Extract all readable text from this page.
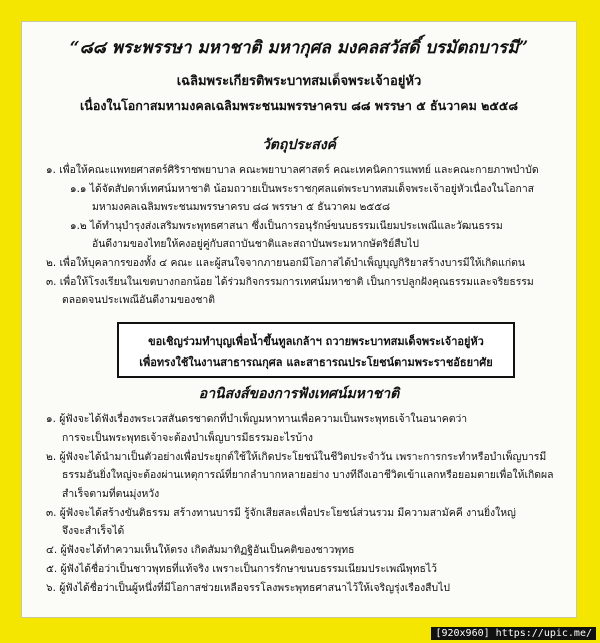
“๘๘ พระพรรษา มหาชาติ มหากุศล มงคลสวัสดิ์ บรมัตถบารมี”
เฉลิมพระเกียรติพระบาทสมเด็จพระเจ้าอยู่หัว
เนื่องในโอกาสมหามงคลเฉลิมพระชนมพรรษาครบ ๘๘ พรรษา ๕ ธันวาคม ๒๕๕๘
วัตถุประสงค์
๑. เพื่อให้คณะแพทยศาสตร์ศิริราชพยาบาล คณะพยาบาลศาสตร์ คณะเทคนิคการแพทย์ และคณะกายภาพบำบัด
๑.๑ ได้จัดสัปดาห์เทศน์มหาชาติ น้อมถวายเป็นพระราชกุศลแด่พระบาทสมเด็จพระเจ้าอยู่หัวเนื่องในโอกาส
มหามงคลเฉลิมพระชนมพรรษาครบ ๘๘ พรรษา ๕ ธันวาคม ๒๕๕๘
๑.๒ ได้ทำนุบำรุงส่งเสริมพระพุทธศาสนา ซึ่งเป็นการอนุรักษ์ขนบธรรมเนียมประเพณีและวัฒนธรรม
อันดีงามของไทยให้คงอยู่คู่กับสถาบันชาติและสถาบันพระมหากษัตริย์สืบไป
๒. เพื่อให้บุคลากรของทั้ง ๔ คณะ และผู้สนใจจากภายนอกมีโอกาสได้บำเพ็ญบุญกิริยาสร้างบารมีให้เกิดแก่ตน
๓. เพื่อให้โรงเรียนในเขตบางกอกน้อย ได้ร่วมกิจกรรมการเทศน์มหาชาติ เป็นการปลูกฝังคุณธรรมและจริยธรรม
ตลอดจนประเพณีอันดีงามของชาติ
ขอเชิญร่วมทำบุญเพื่อน้ำขึ้นทูลเกล้าฯ ถวายพระบาทสมเด็จพระเจ้าอยู่หัว
เพื่อทรงใช้ในงานสาธารณกุศล และสาธารณประโยชน์ตามพระราชอัธยาศัย
อานิสงส์ของการฟังเทศน์มหาชาติ
๑. ผู้ฟังจะได้ฟังเรื่องพระเวสสันดรชาดกที่บำเพ็ญมหาทานเพื่อความเป็นพระพุทธเจ้าในอนาคตว่า
การจะเป็นพระพุทธเจ้าจะต้องบำเพ็ญบารมีธรรมอะไรบ้าง
๒. ผู้ฟังจะได้นำมาเป็นตัวอย่างเพื่อประยุกต์ใช้ให้เกิดประโยชน์ในชีวิตประจำวัน เพราะการกระทำหรือบำเพ็ญบารมี
ธรรมอันยิ่งใหญ่จะต้องผ่านเหตุการณ์ที่ยากลำบากหลายอย่าง บางทีถึงเอาชีวิตเข้าแลกหรือยอมตายเพื่อให้เกิดผล
สำเร็จตามที่ตนมุ่งหวัง
๓. ผู้ฟังจะได้สร้างขันติธรรม สร้างทานบารมี รู้จักเสียสละเพื่อประโยชน์ส่วนรวม มีความสามัคคี งานยิ่งใหญ่
จึงจะสำเร็จได้
๔. ผู้ฟังจะได้ทำความเห็นให้ตรง เกิดสัมมาทิฏฐิอันเป็นคติของชาวพุทธ
๕. ผู้ฟังได้ชื่อว่าเป็นชาวพุทธที่แท้จริง เพราะเป็นการรักษาขนบธรรมเนียมประเพณีพุทธไว้
๖. ผู้ฟังได้ชื่อว่าเป็นผู้หนึ่งที่มีโอกาสช่วยเหลือจรรโลงพระพุทธศาสนาไว้ให้เจริญรุ่งเรืองสืบไป
[920x960] https://upic.me/
